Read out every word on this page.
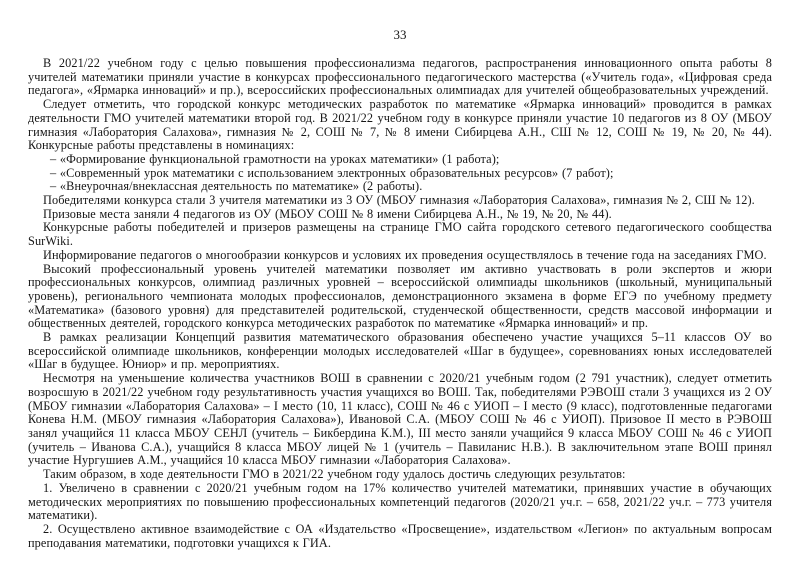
33

В 2021/22 учебном году с целью повышения профессионализма педагогов, распространения инновационного опыта работы 8 учителей математики приняли участие в конкурсах профессионального педагогического мастерства («Учитель года», «Цифровая среда педагога», «Ярмарка инноваций» и пр.), всероссийских профессиональных олимпиадах для учителей общеобразовательных учреждений.

Следует отметить, что городской конкурс методических разработок по математике «Ярмарка инноваций» проводится в рамках деятельности ГМО учителей математики второй год. В 2021/22 учебном году в конкурсе приняли участие 10 педагогов из 8 ОУ (МБОУ гимназия «Лаборатория Салахова», гимназия № 2, СОШ № 7, № 8 имени Сибирцева А.Н., СШ № 12, СОШ № 19, № 20, № 44). Конкурсные работы представлены в номинациях:

– «Формирование функциональной грамотности на уроках математики» (1 работа);

– «Современный урок математики с использованием электронных образовательных ресурсов» (7 работ);

– «Внеурочная/внеклассная деятельность по математике» (2 работы).

Победителями конкурса стали 3 учителя математики из 3 ОУ (МБОУ гимназия «Лаборатория Салахова», гимназия № 2, СШ № 12).

Призовые места заняли 4 педагогов из ОУ (МБОУ СОШ № 8 имени Сибирцева А.Н., № 19, № 20, № 44).

Конкурсные работы победителей и призеров размещены на странице ГМО сайта городского сетевого педагогического сообщества SurWiki.

Информирование педагогов о многообразии конкурсов и условиях их проведения осуществлялось в течение года на заседаниях ГМО.

Высокий профессиональный уровень учителей математики позволяет им активно участвовать в роли экспертов и жюри профессиональных конкурсов, олимпиад различных уровней – всероссийской олимпиады школьников (школьный, муниципальный уровень), регионального чемпионата молодых профессионалов, демонстрационного экзамена в форме ЕГЭ по учебному предмету «Математика» (базового уровня) для представителей родительской, студенческой общественности, средств массовой информации и общественных деятелей, городского конкурса методических разработок по математике «Ярмарка инноваций» и пр.

В рамках реализации Концепций развития математического образования обеспечено участие учащихся 5–11 классов ОУ во всероссийской олимпиаде школьников, конференции молодых исследователей «Шаг в будущее», соревнованиях юных исследователей «Шаг в будущее. Юниор» и пр. мероприятиях.

Несмотря на уменьшение количества участников ВОШ в сравнении с 2020/21 учебным годом (2 791 участник), следует отметить возросшую в 2021/22 учебном году результативность участия учащихся во ВОШ. Так, победителями РЭВОШ стали 3 учащихся из 2 ОУ (МБОУ гимназии «Лаборатория Салахова» – I место (10, 11 класс), СОШ № 46 с УИОП – I место (9 класс), подготовленные педагогами Конева Н.М. (МБОУ гимназия «Лаборатория Салахова»), Ивановой С.А. (МБОУ СОШ № 46 с УИОП). Призовое II место в РЭВОШ занял учащийся 11 класса МБОУ СЕНЛ (учитель – Бикбердина К.М.), III место заняли учащийся 9 класса МБОУ СОШ № 46 с УИОП (учитель – Иванова С.А.), учащийся 8 класса МБОУ лицей № 1 (учитель – Павиланис Н.В.). В заключительном этапе ВОШ принял участие Нургушиев А.М., учащийся 10 класса МБОУ гимназии «Лаборатория Салахова».

Таким образом, в ходе деятельности ГМО в 2021/22 учебном году удалось достичь следующих результатов:

1. Увеличено в сравнении с 2020/21 учебным годом на 17% количество учителей математики, принявших участие в обучающих методических мероприятиях по повышению профессиональных компетенций педагогов (2020/21 уч.г. – 658, 2021/22 уч.г. – 773 учителя математики).

2. Осуществлено активное взаимодействие с ОА «Издательство «Просвещение», издательством «Легион» по актуальным вопросам преподавания математики, подготовки учащихся к ГИА.
